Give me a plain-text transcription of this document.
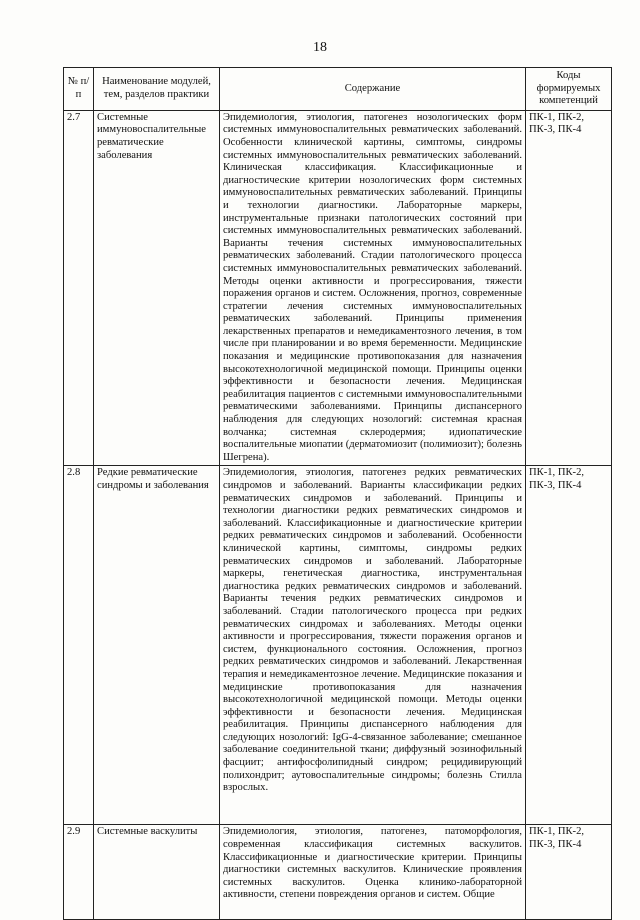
18
№ п/п	Наименование модулей, тем, разделов практики	Содержание	Коды формируемых компетенций
2.7	Системные иммуновоспалительные ревматические заболевания	Эпидемиология, этиология, патогенез нозологических форм системных иммуновоспалительных ревматических заболеваний. Особенности клинической картины, симптомы, синдромы системных иммуновоспалительных ревматических заболеваний. Клиническая классификация. Классификационные и диагностические критерии нозологических форм системных иммуновоспалительных ревматических заболеваний. Принципы и технологии диагностики. Лабораторные маркеры, инструментальные признаки патологических состояний при системных иммуновоспалительных ревматических заболеваний. Варианты течения системных иммуновоспалительных ревматических заболеваний. Стадии патологического процесса системных иммуновоспалительных ревматических заболеваний. Методы оценки активности и прогрессирования, тяжести поражения органов и систем. Осложнения, прогноз, современные стратегии лечения системных иммуновоспалительных ревматических заболеваний. Принципы применения лекарственных препаратов и немедикаментозного лечения, в том числе при планировании и во время беременности. Медицинские показания и медицинские противопоказания для назначения высокотехнологичной медицинской помощи. Принципы оценки эффективности и безопасности лечения. Медицинская реабилитация пациентов с системными иммуновоспалительными ревматическими заболеваниями. Принципы диспансерного наблюдения для следующих нозологий: системная красная волчанка; системная склеродермия; идиопатические воспалительные миопатии (дерматомиозит (полимиозит); болезнь Шегрена).	ПК-1, ПК-2, ПК-3, ПК-4
2.8	Редкие ревматические синдромы и заболевания	Эпидемиология, этиология, патогенез редких ревматических синдромов и заболеваний. Варианты классификации редких ревматических синдромов и заболеваний. Принципы и технологии диагностики редких ревматических синдромов и заболеваний. Классификационные и диагностические критерии редких ревматических синдромов и заболеваний. Особенности клинической картины, симптомы, синдромы редких ревматических синдромов и заболеваний. Лабораторные маркеры, генетическая диагностика, инструментальная диагностика редких ревматических синдромов и заболеваний. Варианты течения редких ревматических синдромов и заболеваний. Стадии патологического процесса при редких ревматических синдромах и заболеваниях. Методы оценки активности и прогрессирования, тяжести поражения органов и систем, функционального состояния. Осложнения, прогноз редких ревматических синдромов и заболеваний. Лекарственная терапия и немедикаментозное лечение. Медицинские показания и медицинские противопоказания для назначения высокотехнологичной медицинской помощи. Методы оценки эффективности и безопасности лечения. Медицинская реабилитация. Принципы диспансерного наблюдения для следующих нозологий: IgG-4-связанное заболевание; смешанное заболевание соединительной ткани; диффузный эозинофильный фасциит; антифосфолипидный синдром; рецидивирующий полихондрит; аутовоспалительные синдромы; болезнь Стилла взрослых.	ПК-1, ПК-2, ПК-3, ПК-4
2.9	Системные васкулиты	Эпидемиология, этиология, патогенез, патоморфология, современная классификация системных васкулитов. Классификационные и диагностические критерии. Принципы диагностики системных васкулитов. Клинические проявления системных васкулитов. Оценка клинико-лабораторной активности, степени повреждения органов и систем. Общие	ПК-1, ПК-2, ПК-3, ПК-4
